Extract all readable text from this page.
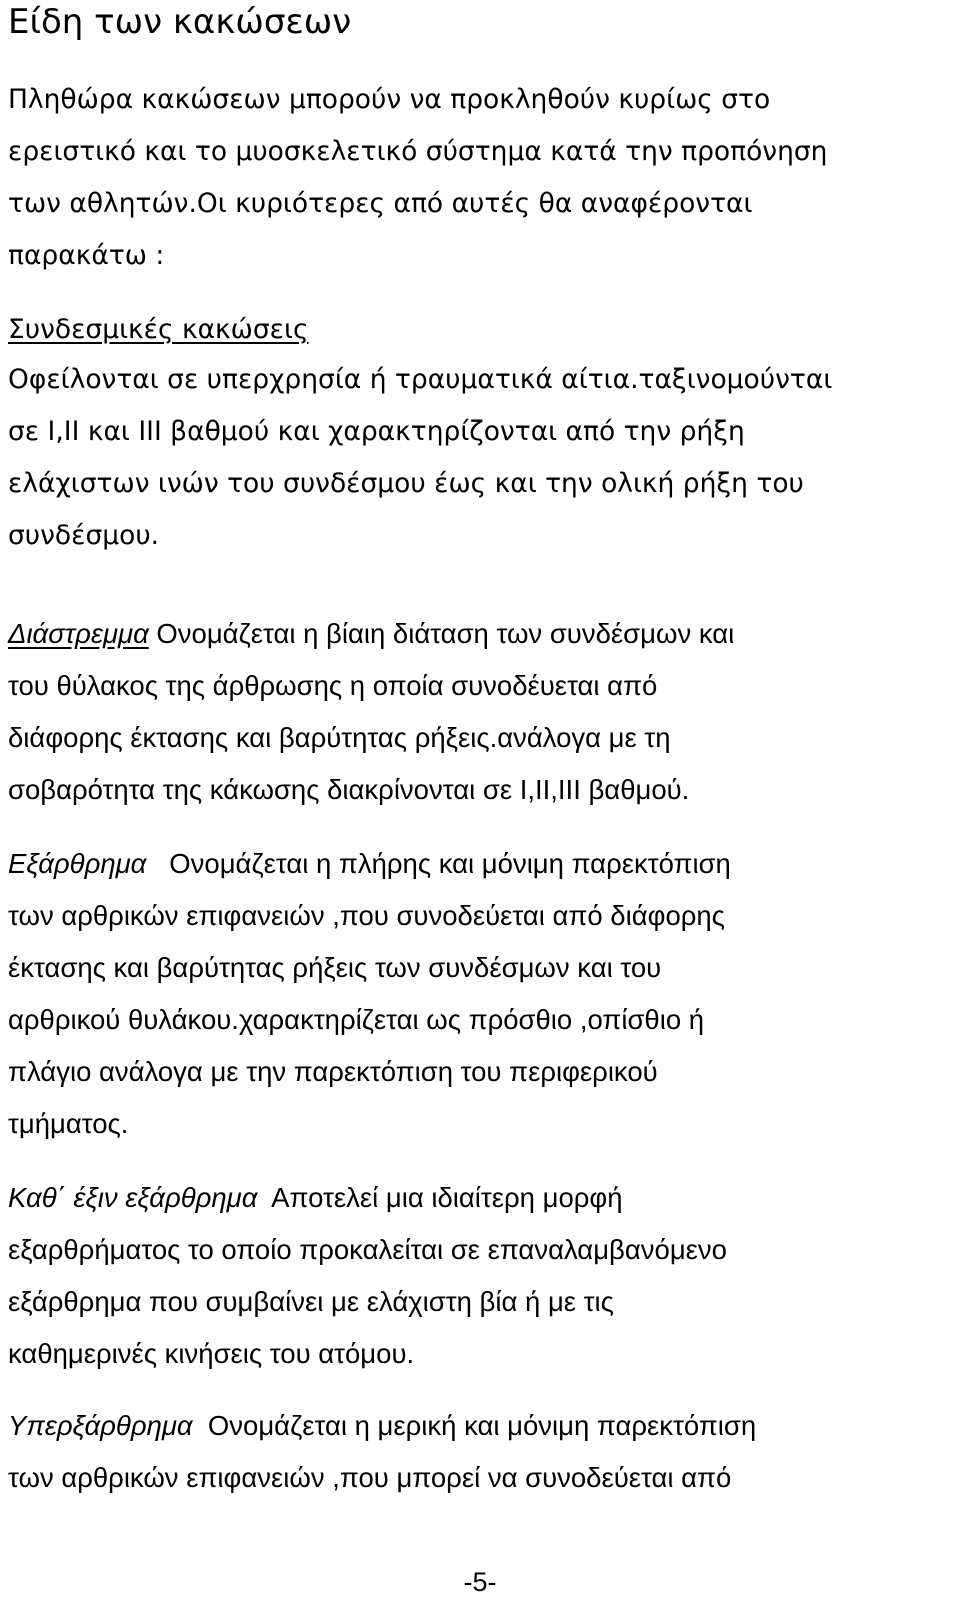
Είδη των κακώσεων
Πληθώρα κακώσεων μπορούν να προκληθούν κυρίως στο
ερειστικό και το μυοσκελετικό σύστημα κατά την προπόνηση
των αθλητών.Οι κυριότερες από αυτές θα αναφέρονται
παρακάτω :
Συνδεσμικές κακώσεις
Οφείλονται σε υπερχρησία ή τραυματικά αίτια.ταξινομούνται
σε Ι,ΙΙ και ΙΙΙ βαθμού και χαρακτηρίζονται από την ρήξη
ελάχιστων ινών του συνδέσμου έως και την ολική ρήξη του
συνδέσμου.
Διάστρεμμα Ονομάζεται η βίαιη διάταση των συνδέσμων και
του θύλακος της άρθρωσης η οποία συνοδέυεται από
διάφορης έκτασης και βαρύτητας ρήξεις.ανάλογα με τη
σοβαρότητα της κάκωσης διακρίνονται σε Ι,ΙΙ,ΙΙΙ βαθμού.
Εξάρθρημα   Ονομάζεται η πλήρης και μόνιμη παρεκτόπιση
των αρθρικών επιφανειών ,που συνοδεύεται από διάφορης
έκτασης και βαρύτητας ρήξεις των συνδέσμων και του
αρθρικού θυλάκου.χαρακτηρίζεται ως πρόσθιο ,οπίσθιο ή
πλάγιο ανάλογα με την παρεκτόπιση του περιφερικού
τμήματος.
Καθ΄ έξιν εξάρθρημα  Αποτελεί μια ιδιαίτερη μορφή
εξαρθρήματος το οποίο προκαλείται σε επαναλαμβανόμενο
εξάρθρημα που συμβαίνει με ελάχιστη βία ή με τις
καθημερινές κινήσεις του ατόμου.
Υπερξάρθρημα  Ονομάζεται η μερική και μόνιμη παρεκτόπιση
των αρθρικών επιφανειών ,που μπορεί να συνοδεύεται από
-5-
